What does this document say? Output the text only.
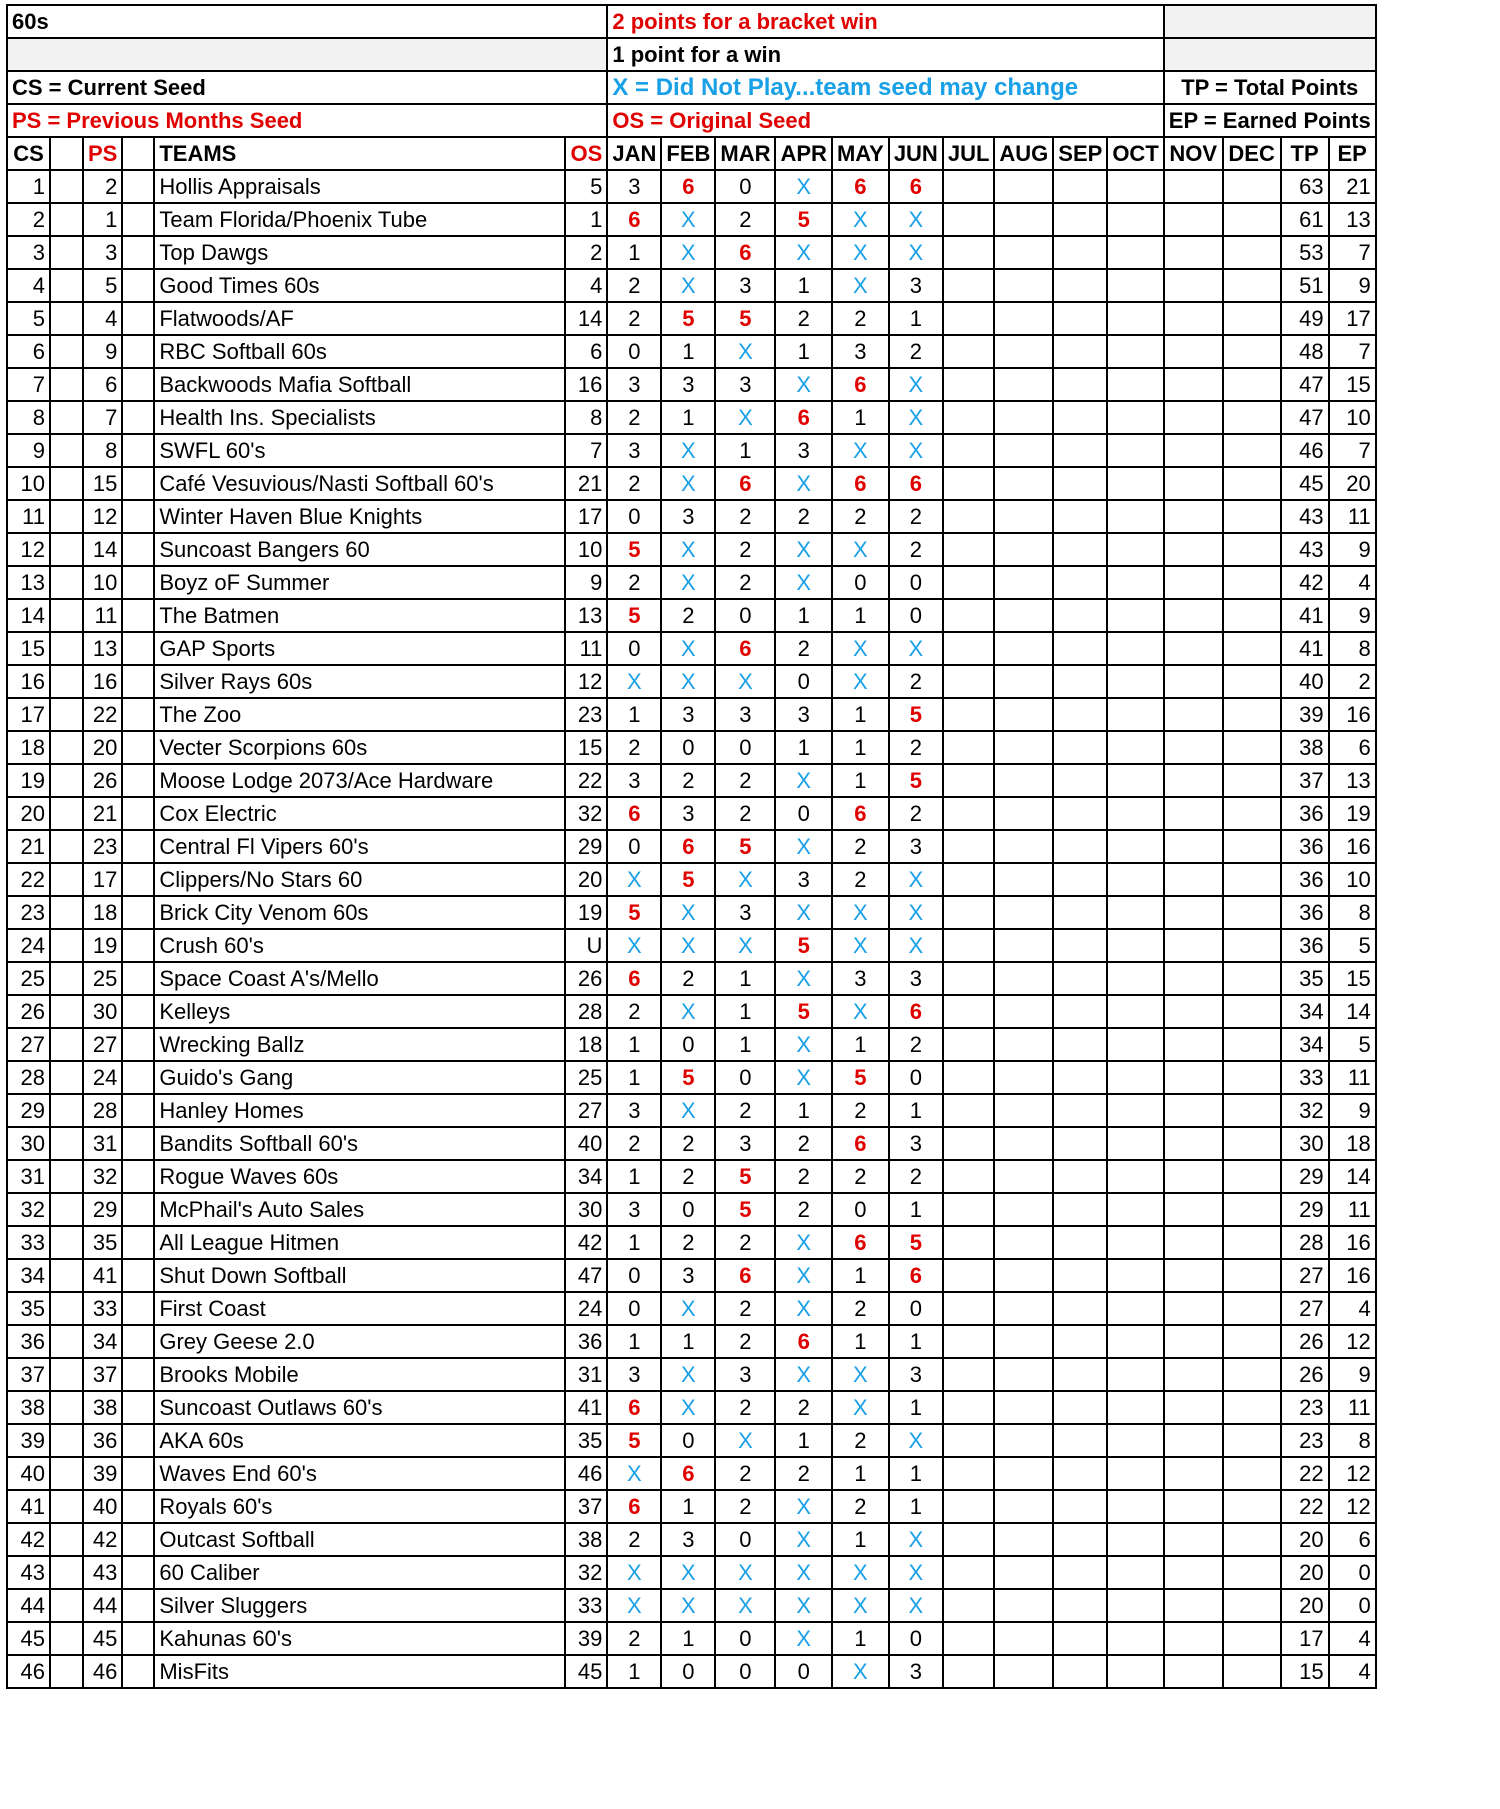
60s						2 points for a bracket win													
						1 point for a win													
CS = Current Seed						X = Did Not Play...team seed may change										TP = Total Points			
PS = Previous Months Seed						OS = Original Seed										EP = Earned Points			
CS		PS		TEAMS	OS	JAN	FEB	MAR	APR	MAY	JUN	JUL	AUG	SEP	OCT	NOV	DEC	TP	EP
1		2		Hollis Appraisals	5	3	6	0	X	6	6							63	21
2		1		Team Florida/Phoenix Tube	1	6	X	2	5	X	X							61	13
3		3		Top Dawgs	2	1	X	6	X	X	X							53	7
4		5		Good Times 60s	4	2	X	3	1	X	3							51	9
5		4		Flatwoods/AF	14	2	5	5	2	2	1							49	17
6		9		RBC Softball 60s	6	0	1	X	1	3	2							48	7
7		6		Backwoods Mafia Softball	16	3	3	3	X	6	X							47	15
8		7		Health Ins. Specialists	8	2	1	X	6	1	X							47	10
9		8		SWFL 60's	7	3	X	1	3	X	X							46	7
10		15		Café Vesuvious/Nasti Softball 60's	21	2	X	6	X	6	6							45	20
11		12		Winter Haven Blue Knights	17	0	3	2	2	2	2							43	11
12		14		Suncoast Bangers 60	10	5	X	2	X	X	2							43	9
13		10		Boyz oF Summer	9	2	X	2	X	0	0							42	4
14		11		The Batmen	13	5	2	0	1	1	0							41	9
15		13		GAP Sports	11	0	X	6	2	X	X							41	8
16		16		Silver Rays 60s	12	X	X	X	0	X	2							40	2
17		22		The Zoo	23	1	3	3	3	1	5							39	16
18		20		Vecter Scorpions 60s	15	2	0	0	1	1	2							38	6
19		26		Moose Lodge 2073/Ace Hardware	22	3	2	2	X	1	5							37	13
20		21		Cox Electric	32	6	3	2	0	6	2							36	19
21		23		Central Fl Vipers 60's	29	0	6	5	X	2	3							36	16
22		17		Clippers/No Stars 60	20	X	5	X	3	2	X							36	10
23		18		Brick City Venom 60s	19	5	X	3	X	X	X							36	8
24		19		Crush 60's	U	X	X	X	5	X	X							36	5
25		25		Space Coast A's/Mello	26	6	2	1	X	3	3							35	15
26		30		Kelleys	28	2	X	1	5	X	6							34	14
27		27		Wrecking Ballz	18	1	0	1	X	1	2							34	5
28		24		Guido's Gang	25	1	5	0	X	5	0							33	11
29		28		Hanley Homes	27	3	X	2	1	2	1							32	9
30		31		Bandits Softball 60's	40	2	2	3	2	6	3							30	18
31		32		Rogue Waves 60s	34	1	2	5	2	2	2							29	14
32		29		McPhail's Auto Sales	30	3	0	5	2	0	1							29	11
33		35		All League Hitmen	42	1	2	2	X	6	5							28	16
34		41		Shut Down Softball	47	0	3	6	X	1	6							27	16
35		33		First Coast	24	0	X	2	X	2	0							27	4
36		34		Grey Geese 2.0	36	1	1	2	6	1	1							26	12
37		37		Brooks Mobile	31	3	X	3	X	X	3							26	9
38		38		Suncoast Outlaws 60's	41	6	X	2	2	X	1							23	11
39		36		AKA 60s	35	5	0	X	1	2	X							23	8
40		39		Waves End 60's	46	X	6	2	2	1	1							22	12
41		40		Royals 60's	37	6	1	2	X	2	1							22	12
42		42		Outcast Softball	38	2	3	0	X	1	X							20	6
43		43		60 Caliber	32	X	X	X	X	X	X							20	0
44		44		Silver Sluggers	33	X	X	X	X	X	X							20	0
45		45		Kahunas 60's	39	2	1	0	X	1	0							17	4
46		46		MisFits	45	1	0	0	0	X	3							15	4
